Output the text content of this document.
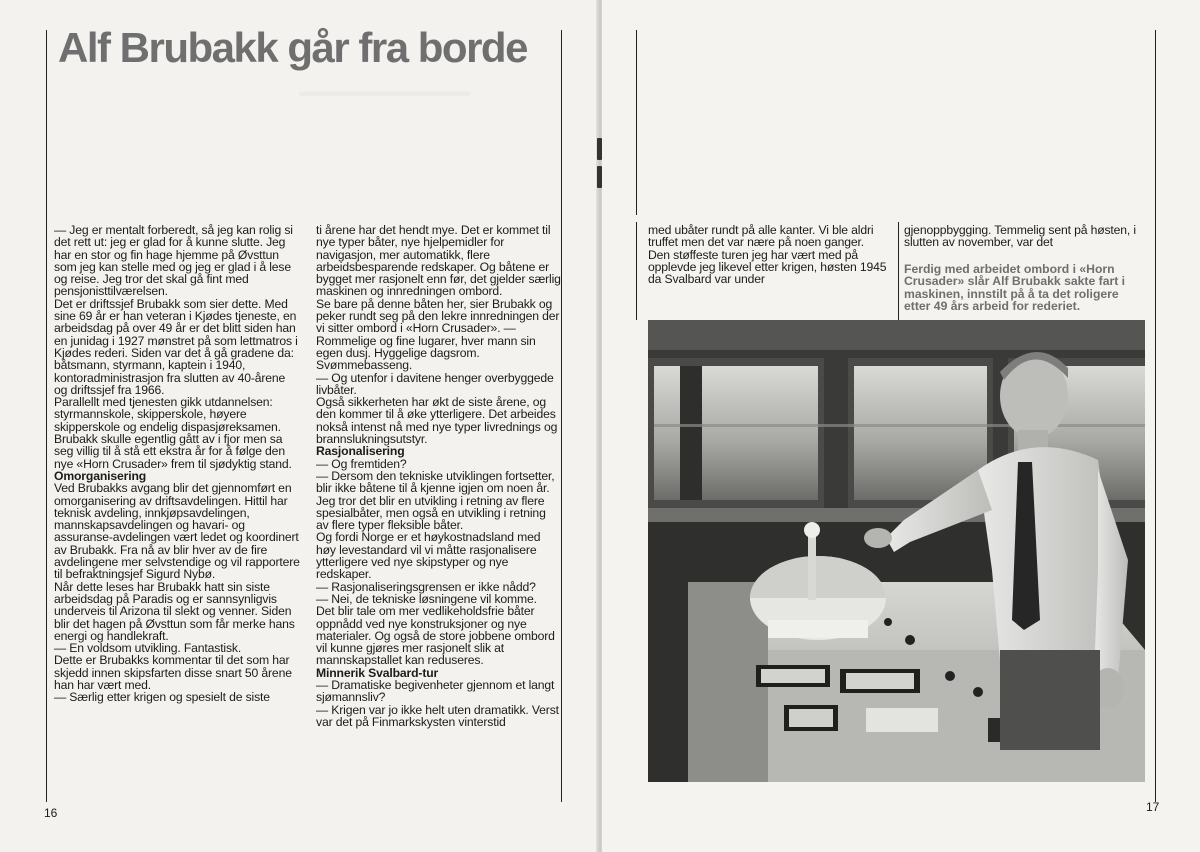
▁▁▁▁▁▁▁▁▁▁
Alf Brubakk går fra borde

— Jeg er mentalt forberedt, så jeg kan rolig si det rett ut: jeg er glad for å kunne slutte. Jeg har en stor og fin hage hjemme på Øvsttun som jeg kan stelle med og jeg er glad i å lese og reise. Jeg tror det skal gå fint med pensjonisttilværelsen.

Det er driftssjef Brubakk som sier dette. Med sine 69 år er han veteran i Kjødes tjeneste, en arbeidsdag på over 49 år er det blitt siden han en junidag i 1927 mønstret på som lettmatros i Kjødes rederi. Siden var det å gå gradene da: båtsmann, styrmann, kaptein i 1940, kontoradministrasjon fra slutten av 40-årene og driftssjef fra 1966.

Parallellt med tjenesten gikk utdannelsen: styrmannskole, skipperskole, høyere skipperskole og endelig dispasjøreksamen.

Brubakk skulle egentlig gått av i fjor men sa seg villig til å stå ett ekstra år for å følge den nye «Horn Crusader» frem til sjødyktig stand.

Omorganisering

Ved Brubakks avgang blir det gjennomført en omorganisering av driftsavdelingen. Hittil har teknisk avdeling, innkjøpsavdelingen, mannskapsavdelingen og havari- og assuranse-avdelingen vært ledet og koordinert av Brubakk. Fra nå av blir hver av de fire avdelingene mer selvstendige og vil rapportere til befraktningsjef Sigurd Nybø.

Når dette leses har Brubakk hatt sin siste arbeidsdag på Paradis og er sannsynligvis underveis til Arizona til slekt og venner. Siden blir det hagen på Øvsttun som får merke hans energi og handlekraft.

— En voldsom utvikling. Fantastisk.

Dette er Brubakks kommentar til det som har skjedd innen skipsfarten disse snart 50 årene han har vært med.

— Særlig etter krigen og spesielt de siste

ti årene har det hendt mye. Det er kommet til nye typer båter, nye hjelpemidler for navigasjon, mer automatikk, flere arbeidsbesparende redskaper. Og båtene er bygget mer rasjonelt enn før, det gjelder særlig maskinen og innredningen ombord.

Se bare på denne båten her, sier Brubakk og peker rundt seg på den lekre innredningen der vi sitter ombord i «Horn Crusader». — Rommelige og fine lugarer, hver mann sin egen dusj. Hyggelige dagsrom. Svømmebasseng.

— Og utenfor i davitene henger overbyggede livbåter.

Også sikkerheten har økt de siste årene, og den kommer til å øke ytterligere. Det arbeides nokså intenst nå med nye typer livrednings og brannslukningsutstyr.

Rasjonalisering

— Og fremtiden?

— Dersom den tekniske utviklingen fortsetter, blir ikke båtene til å kjenne igjen om noen år.

Jeg tror det blir en utvikling i retning av flere spesialbåter, men også en utvikling i retning av flere typer fleksible båter.

Og fordi Norge er et høykostnadsland med høy levestandard vil vi måtte rasjonalisere ytterligere ved nye skipstyper og nye redskaper.

— Rasjonaliseringsgrensen er ikke nådd?

— Nei, de tekniske løsningene vil komme.

Det blir tale om mer vedlikeholdsfrie båter oppnådd ved nye konstruksjoner og nye materialer. Og også de store jobbene ombord vil kunne gjøres mer rasjonelt slik at mannskapstallet kan reduseres.

Minnerik Svalbard-tur

— Dramatiske begivenheter gjennom et langt sjømannsliv?

— Krigen var jo ikke helt uten dramatikk. Verst var det på Finmarkskysten vinterstid

16

med ubåter rundt på alle kanter. Vi ble aldri truffet men det var nære på noen ganger.

Den støffeste turen jeg har vært med på opplevde jeg likevel etter krigen, høsten 1945 da Svalbard var under

gjenoppbygging. Temmelig sent på høsten, i slutten av november, var det

Ferdig med arbeidet ombord i «Horn Crusader» slår Alf Brubakk sakte fart i maskinen, innstilt på å ta det roligere etter 49 års arbeid for rederiet.

17
